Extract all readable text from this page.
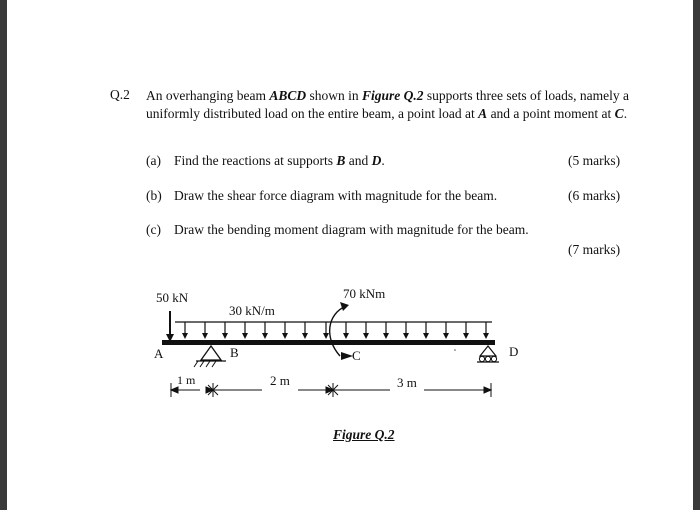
Q.2 An overhanging beam ABCD shown in Figure Q.2 supports three sets of loads, namely a uniformly distributed load on the entire beam, a point load at A and a point moment at C.
(a) Find the reactions at supports B and D.	(5 marks)
(b) Draw the shear force diagram with magnitude for the beam.	(6 marks)
(c) Draw the bending moment diagram with magnitude for the beam.
(7 marks)
50 kN
30 kN/m
70 kNm
A	B	C	D
1 m	2 m	3 m
Figure Q.2
